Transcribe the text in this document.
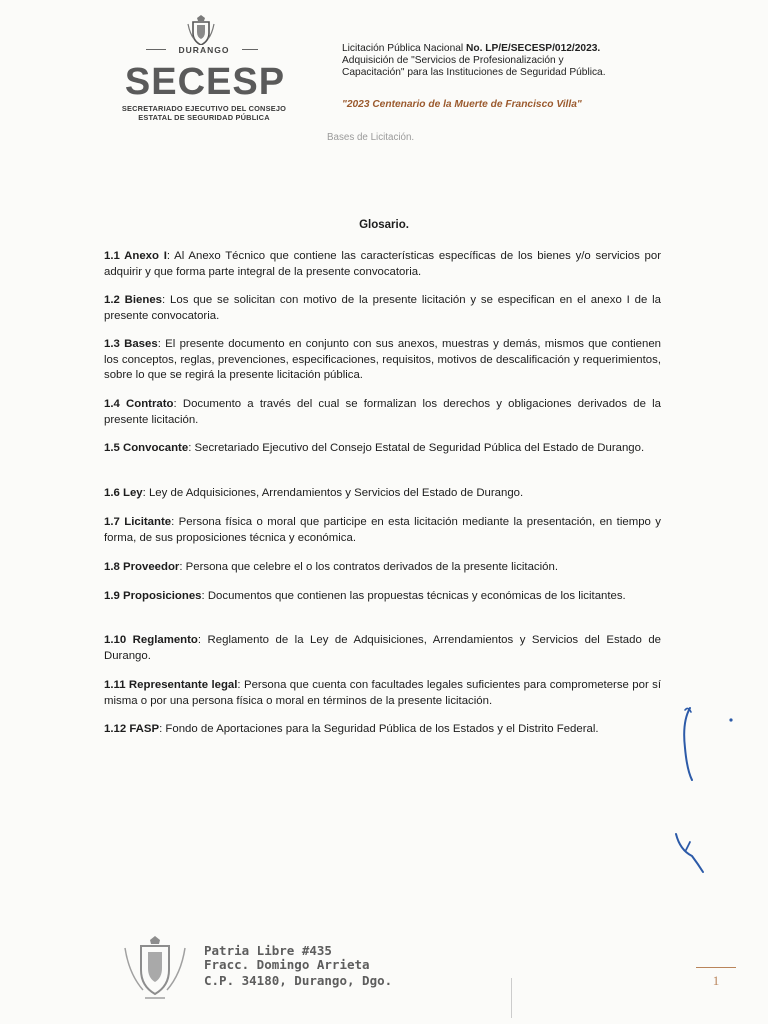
DURANGO
SECESP
SECRETARIADO EJECUTIVO DEL CONSEJO
ESTATAL DE SEGURIDAD PÚBLICA
Licitación Pública Nacional No. LP/E/SECESP/012/2023.
Adquisición de "Servicios de Profesionalización y
Capacitación" para las Instituciones de Seguridad Pública.
"2023 Centenario de la Muerte de Francisco Villa"
Bases de Licitación.
Glosario.
1.1 Anexo I: Al Anexo Técnico que contiene las características específicas de los bienes y/o servicios por adquirir y que forma parte integral de la presente convocatoria.
1.2 Bienes: Los que se solicitan con motivo de la presente licitación y se especifican en el anexo I de la presente convocatoria.
1.3 Bases: El presente documento en conjunto con sus anexos, muestras y demás, mismos que contienen los conceptos, reglas, prevenciones, especificaciones, requisitos, motivos de descalificación y requerimientos, sobre lo que se regirá la presente licitación pública.
1.4 Contrato: Documento a través del cual se formalizan los derechos y obligaciones derivados de la presente licitación.
1.5 Convocante: Secretariado Ejecutivo del Consejo Estatal de Seguridad Pública del Estado de Durango.
1.6 Ley: Ley de Adquisiciones, Arrendamientos y Servicios del Estado de Durango.
1.7 Licitante: Persona física o moral que participe en esta licitación mediante la presentación, en tiempo y forma, de sus proposiciones técnica y económica.
1.8 Proveedor: Persona que celebre el o los contratos derivados de la presente licitación.
1.9 Proposiciones: Documentos que contienen las propuestas técnicas y económicas de los licitantes.
1.10 Reglamento: Reglamento de la Ley de Adquisiciones, Arrendamientos y Servicios del Estado de Durango.
1.11 Representante legal: Persona que cuenta con facultades legales suficientes para comprometerse por sí misma o por una persona física o moral en términos de la presente licitación.
1.12 FASP: Fondo de Aportaciones para la Seguridad Pública de los Estados y el Distrito Federal.
Patria Libre #435
Fracc. Domingo Arrieta
C.P. 34180, Durango, Dgo.	1
